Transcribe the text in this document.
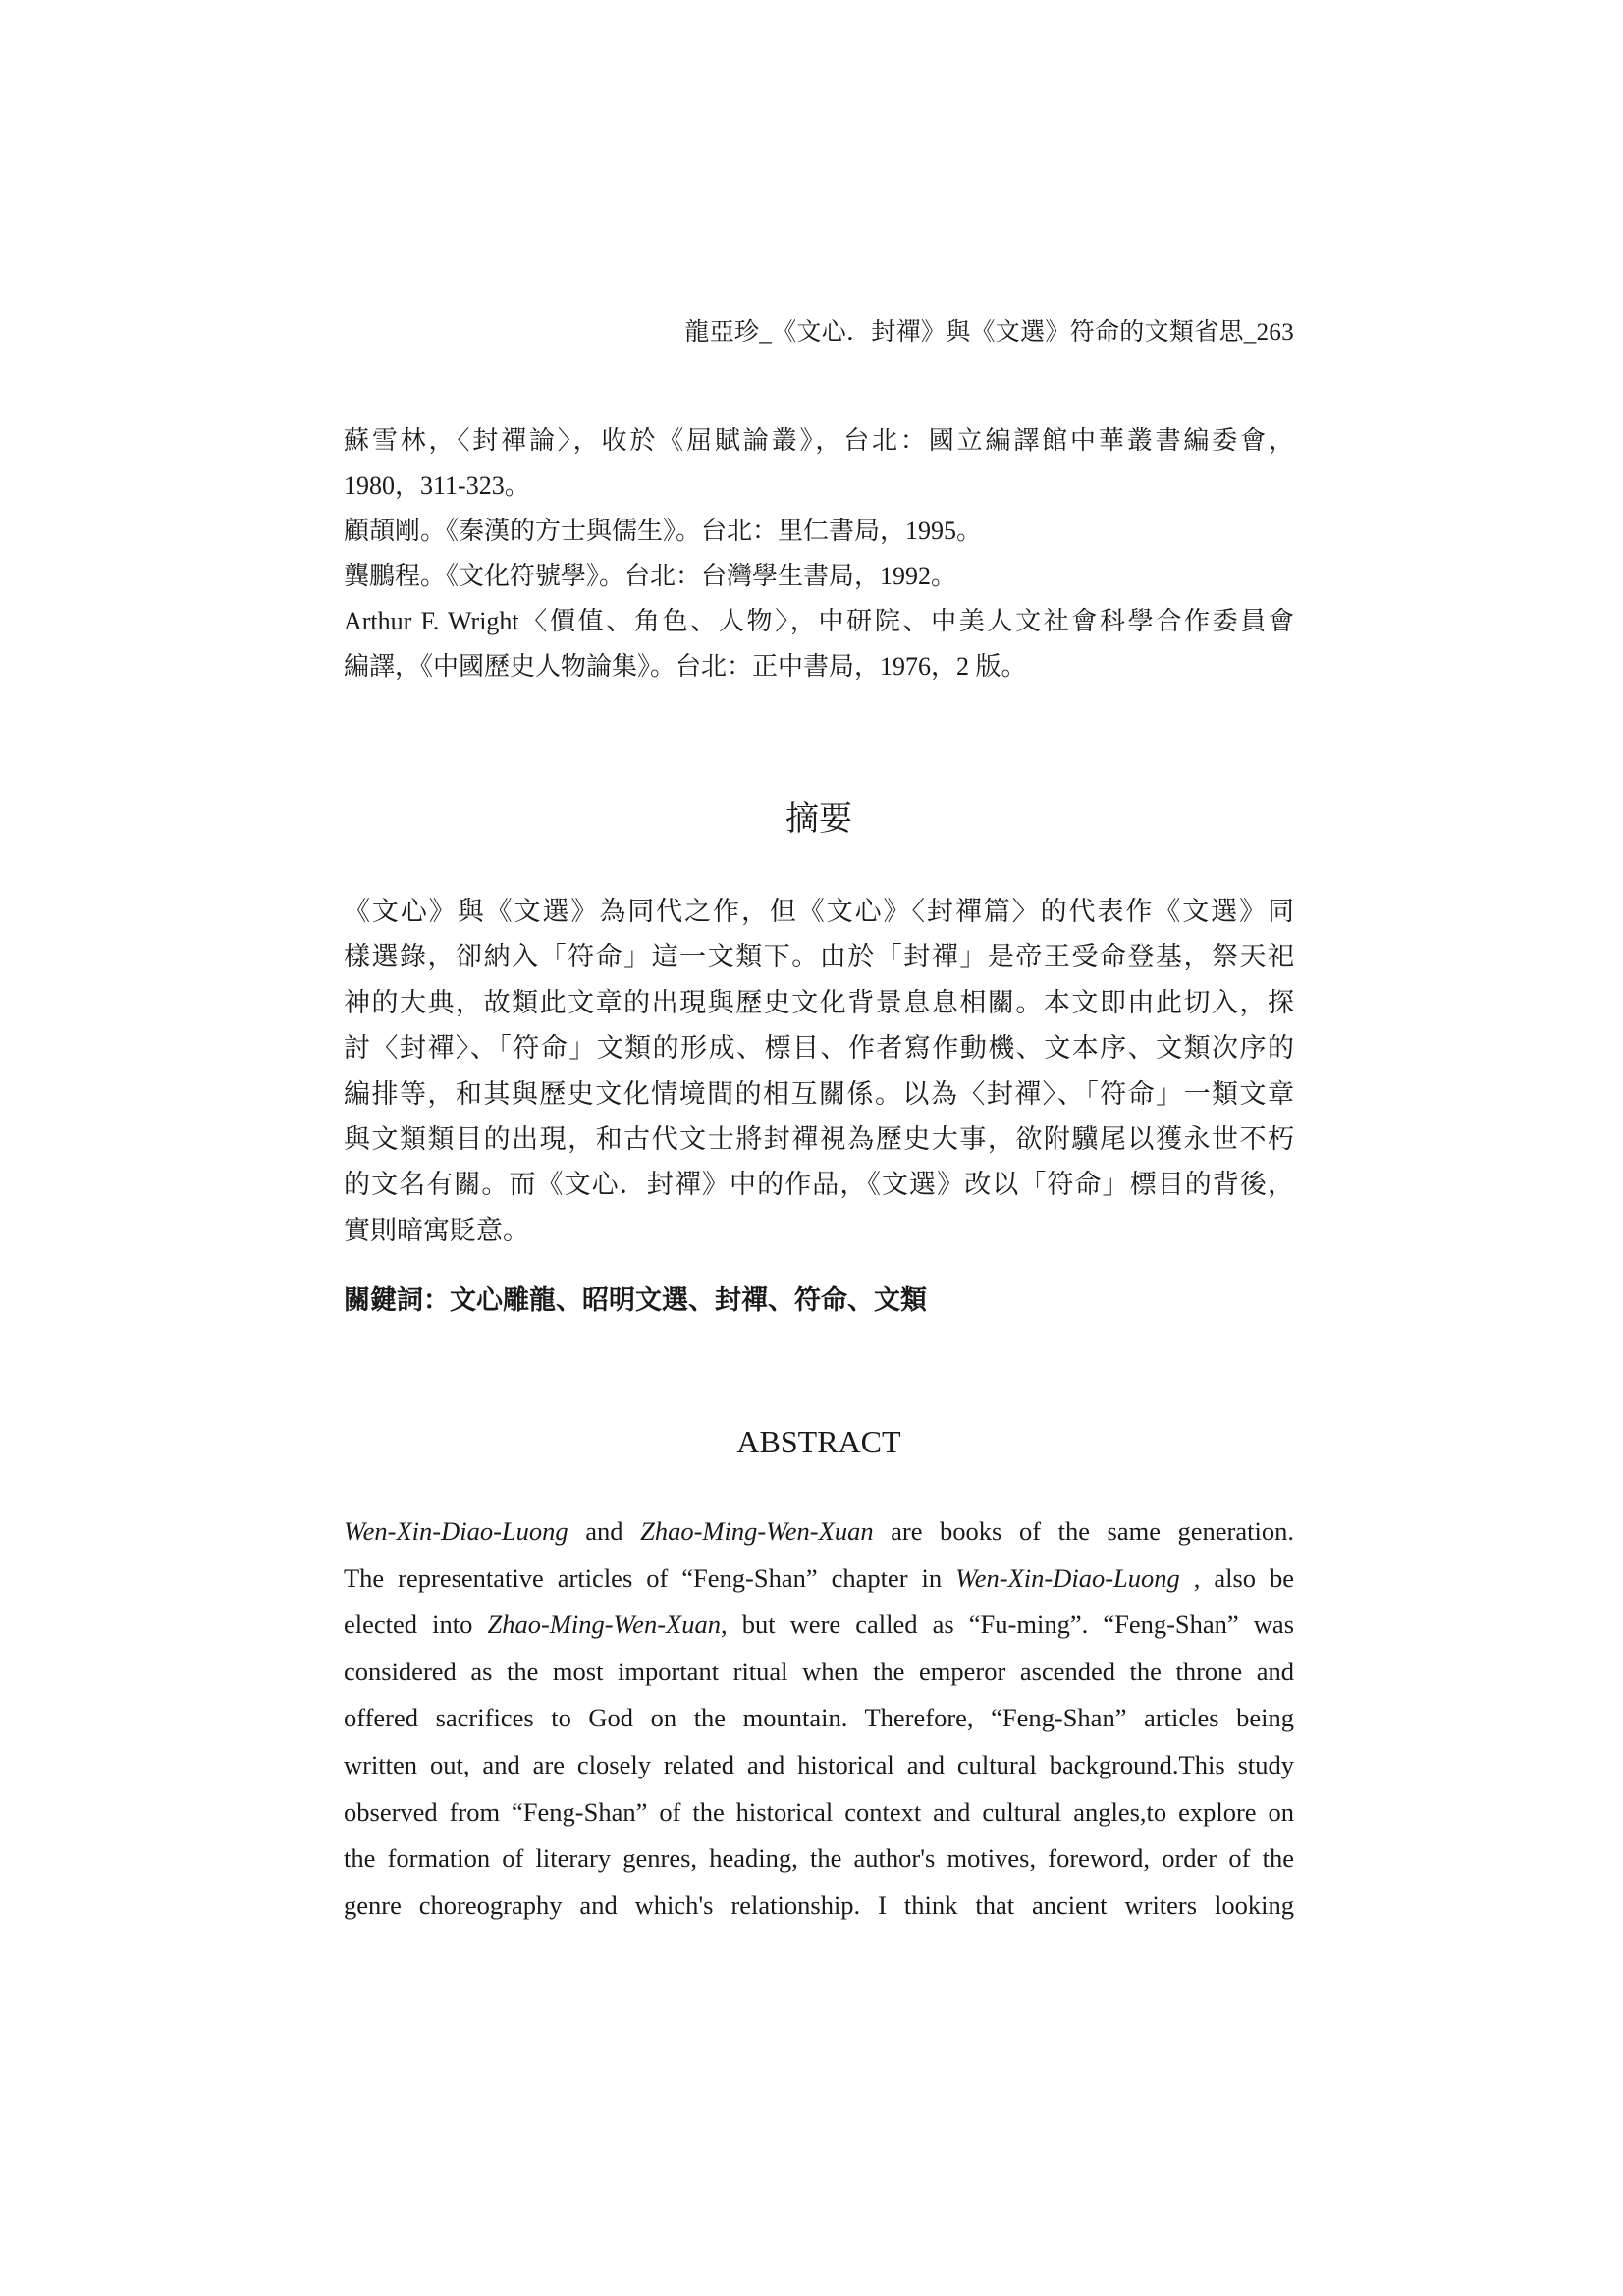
龍亞珍_《文心．封禪》與《文選》符命的文類省思_263
蘇雪林，〈封禪論〉，收於《屈賦論叢》，台北：國立編譯館中華叢書編委會，
1980，311-323。
顧頡剛。《秦漢的方士與儒生》。台北：里仁書局，1995。
龔鵬程。《文化符號學》。台北：台灣學生書局，1992。
Arthur F. Wright〈價值、角色、人物〉，中研院、中美人文社會科學合作委員會
編譯，《中國歷史人物論集》。台北：正中書局，1976，2 版。
摘要
《文心》與《文選》為同代之作，但《文心》〈封禪篇〉的代表作《文選》同
樣選錄，卻納入「符命」這一文類下。由於「封禪」是帝王受命登基，祭天祀
神的大典，故類此文章的出現與歷史文化背景息息相關。本文即由此切入，探
討〈封禪〉、「符命」文類的形成、標目、作者寫作動機、文本序、文類次序的
編排等，和其與歷史文化情境間的相互關係。以為〈封禪〉、「符命」一類文章
與文類類目的出現，和古代文士將封禪視為歷史大事，欲附驥尾以獲永世不朽
的文名有關。而《文心．封禪》中的作品，《文選》改以「符命」標目的背後，
實則暗寓貶意。
關鍵詞：文心雕龍、昭明文選、封禪、符命、文類
ABSTRACT
Wen-Xin-Diao-Luong and Zhao-Ming-Wen-Xuan are books of the same generation.
The representative articles of “Feng-Shan” chapter in Wen-Xin-Diao-Luong , also be
elected into Zhao-Ming-Wen-Xuan, but were called as “Fu-ming”. “Feng-Shan” was
considered as the most important ritual when the emperor ascended the throne and
offered sacrifices to God on the mountain. Therefore, “Feng-Shan” articles being
written out, and are closely related and historical and cultural background.This study
observed from “Feng-Shan” of the historical context and cultural angles,to explore on
the formation of literary genres, heading, the author's motives, foreword, order of the
genre choreography and which's relationship. I think that ancient writers looking
